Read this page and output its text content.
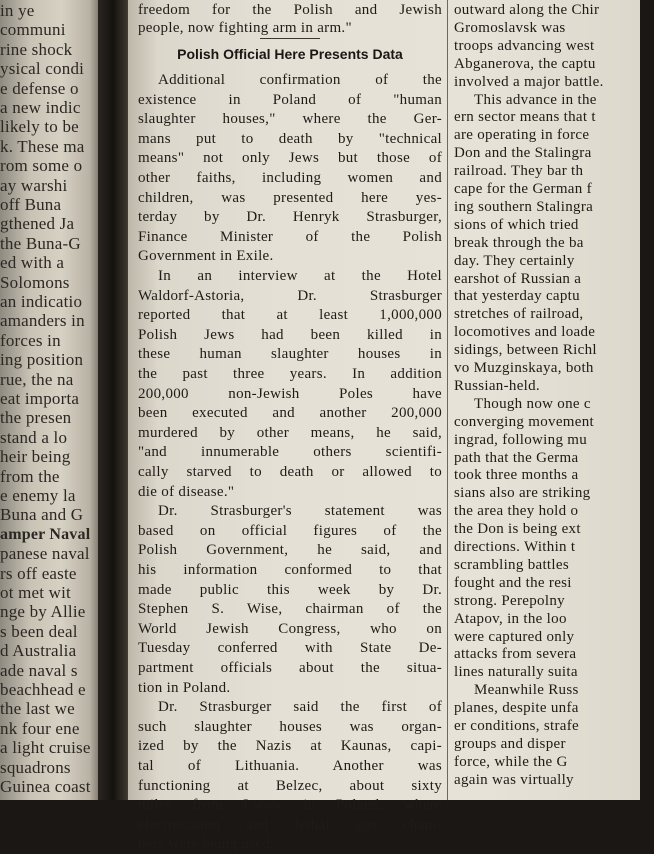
in ye
communi
rine shock
ysical condi
e defense o
a new indic
likely to be
k. These ma
rom some o
ay warshi
off Buna
gthened Ja
the Buna-G
ed with a
Solomons
an indicatio
amanders in
forces in
ing position
rue, the na
eat importa
the presen
stand a lo
heir being
from the
e enemy la
Buna and G
amper Naval
panese naval
rs off easte
ot met wit
nge by Allie
s been deal
d Australia
ade naval s
beachhead e
the last we
nk four ene
a light cruise
squadrons
Guinea coast
freedom for the Polish and Jewish
people, now fighting arm in arm."
Polish Official Here Presents Data
Additional confirmation of the
existence in Poland of "human
slaughter houses," where the Ger-
mans put to death by "technical
means" not only Jews but those of
other faiths, including women and
children, was presented here yes-
terday by Dr. Henryk Strasburger,
Finance Minister of the Polish
Government in Exile.
In an interview at the Hotel
Waldorf-Astoria, Dr. Strasburger
reported that at least 1,000,000
Polish Jews had been killed in
these human slaughter houses in
the past three years. In addition
200,000 non-Jewish Poles have
been executed and another 200,000
murdered by other means, he said,
"and innumerable others scientifi-
cally starved to death or allowed to
die of disease."
Dr. Strasburger's statement was
based on official figures of the
Polish Government, he said, and
his information conformed to that
made public this week by Dr.
Stephen S. Wise, chairman of the
World Jewish Congress, who on
Tuesday conferred with State De-
partment officials about the situa-
tion in Poland.
Dr. Strasburger said the first of
such slaughter houses was organ-
ized by the Nazis at Kaunas, capi-
tal of Lithuania. Another was
functioning at Belzec, about sixty
miles from Lwow in Poland, where
electrocution and lethal gas cham-
bers were being used.
outward along the Chir
Gromoslavsk was
troops advancing west
Abganerova, the captu
involved a major battle.
This advance in the
ern sector means that t
are operating in force
Don and the Stalingra
railroad. They bar th
cape for the German f
ing southern Stalingra
sions of which tried
break through the ba
day. They certainly
earshot of Russian a
that yesterday captu
stretches of railroad,
locomotives and loade
sidings, between Richl
vo Muzginskaya, both
Russian-held.
Though now one c
converging movement
ingrad, following mu
path that the Germa
took three months a
sians also are striking
the area they hold o
the Don is being ext
directions. Within t
scrambling battles
fought and the resi
strong. Perepolny
Atapov, in the loo
were captured only
attacks from severa
lines naturally suita
Meanwhile Russ
planes, despite unfa
er conditions, strafe
groups and disper
force, while the G
again was virtually
